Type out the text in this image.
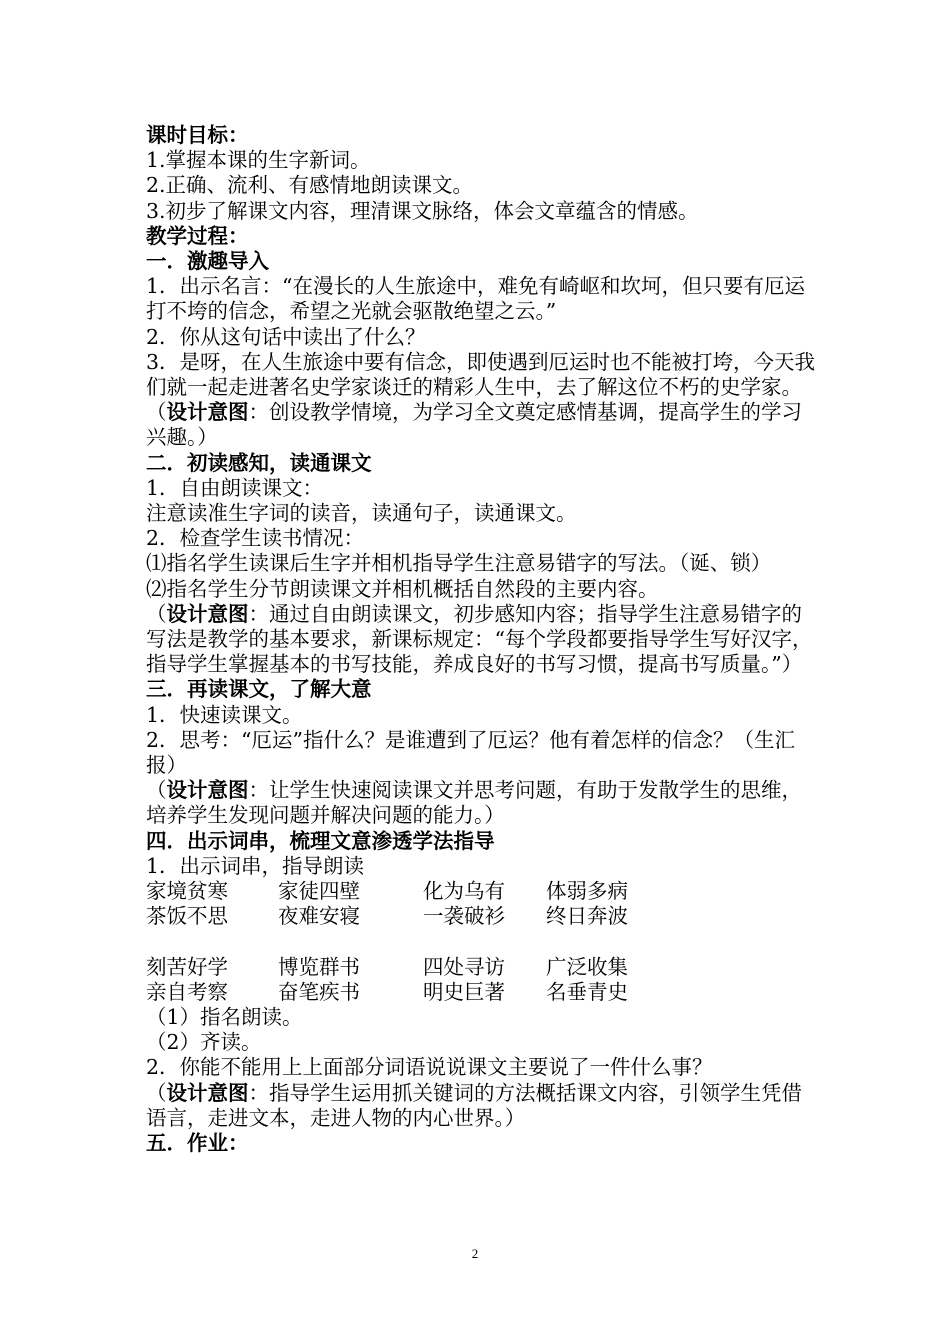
课时目标：
1.掌握本课的生字新词。
2.正确、流利、有感情地朗读课文。
3.初步了解课文内容，理清课文脉络，体会文章蕴含的情感。
教学过程：
一．激趣导入

1．出示名言：“在漫长的人生旅途中，难免有崎岖和坎坷，但只要有厄运打不垮的信念，希望之光就会驱散绝望之云。”

2．你从这句话中读出了什么？

3．是呀，在人生旅途中要有信念，即使遇到厄运时也不能被打垮，今天我们就一起走进著名史学家谈迁的精彩人生中，去了解这位不朽的史学家。

（设计意图：创设教学情境，为学习全文奠定感情基调，提高学生的学习兴趣。）

二．初读感知，读通课文
1．自由朗读课文：
注意读准生字词的读音，读通句子，读通课文。
2．检查学生读书情况：

⑴指名学生读课后生字并相机指导学生注意易错字的写法。（诞、锁）

⑵指名学生分节朗读课文并相机概括自然段的主要内容。

（设计意图：通过自由朗读课文，初步感知内容；指导学生注意易错字的写法是教学的基本要求，新课标规定：“每个学段都要指导学生写好汉字，指导学生掌握基本的书写技能，养成良好的书写习惯，提高书写质量。”）

三．再读课文，了解大意
1．快速读课文。

2．思考：“厄运”指什么？是谁遭到了厄运？他有着怎样的信念？（生汇报）

（设计意图：让学生快速阅读课文并思考问题，有助于发散学生的思维，培养学生发现问题并解决问题的能力。）

四．出示词串，梳理文意渗透学法指导
1．出示词串，指导朗读
家境贫寒	家徒四壁	化为乌有	体弱多病
茶饭不思	夜难安寝	一袭破衫	终日奔波
刻苦好学	博览群书	四处寻访	广泛收集
亲自考察	奋笔疾书	明史巨著	名垂青史
（1）指名朗读。
（2）齐读。
2．你能不能用上上面部分词语说说课文主要说了一件什么事？

（设计意图：指导学生运用抓关键词的方法概括课文内容，引领学生凭借语言，走进文本，走进人物的内心世界。）

五．作业：
2
